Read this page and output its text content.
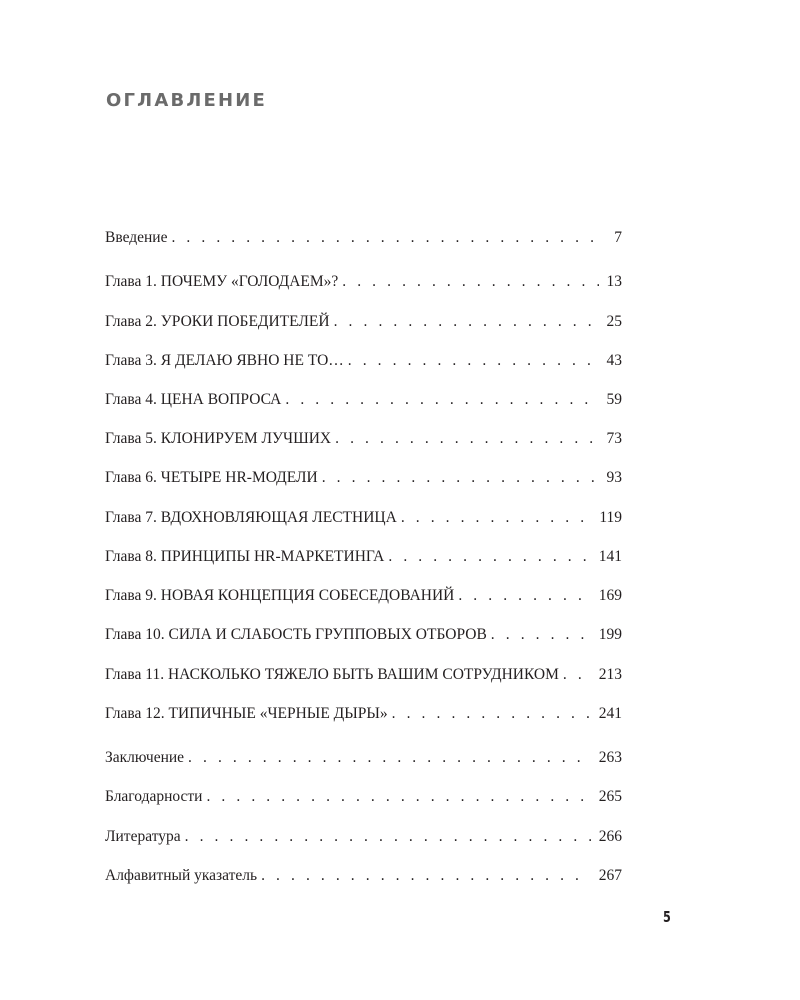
ОГЛАВЛЕНИЕ
Введение . . .	7
Глава 1. ПОЧЕМУ «ГОЛОДАЕМ»? . . .	13
Глава 2. УРОКИ ПОБЕДИТЕЛЕЙ . . .	25
Глава 3. Я ДЕЛАЮ ЯВНО НЕ ТО… . . .	43
Глава 4. ЦЕНА ВОПРОСА . . .	59
Глава 5. КЛОНИРУЕМ ЛУЧШИХ . . .	73
Глава 6. ЧЕТЫРЕ HR-МОДЕЛИ . . .	93
Глава 7. ВДОХНОВЛЯЮЩАЯ ЛЕСТНИЦА . . .	119
Глава 8. ПРИНЦИПЫ HR-МАРКЕТИНГА . . .	141
Глава 9. НОВАЯ КОНЦЕПЦИЯ СОБЕСЕДОВАНИЙ . . .	169
Глава 10. СИЛА И СЛАБОСТЬ ГРУППОВЫХ ОТБОРОВ . . .	199
Глава 11. НАСКОЛЬКО ТЯЖЕЛО БЫТЬ ВАШИМ СОТРУДНИКОМ . . .	213
Глава 12. ТИПИЧНЫЕ «ЧЕРНЫЕ ДЫРЫ» . . .	241
Заключение . . .	263
Благодарности . . .	265
Литература . . .	266
Алфавитный указатель . . .	267
5
